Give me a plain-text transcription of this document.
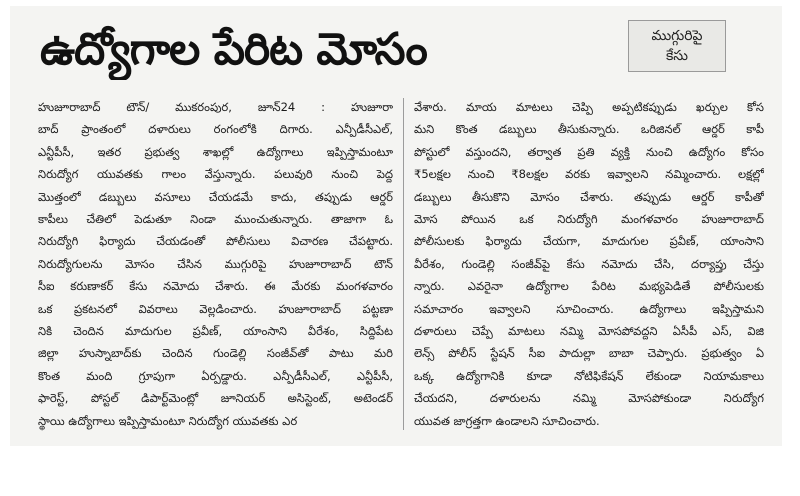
ఉద్యోగాల పేరిట మోసం	ముగ్గురిపై
కేసు
హుజూరాబాద్ టౌన్/ ముకరంపుర, జూన్24 : హుజూరా
బాద్ ప్రాంతంలో దళారులు రంగంలోకి దిగారు. ఎన్పీడీసీఎల్,
ఎన్టీపీసీ, ఇతర ప్రభుత్వ శాఖల్లో ఉద్యోగాలు ఇప్పిస్తామంటూ
నిరుద్యోగ యువతకు గాలం వేస్తున్నారు. పలువురి నుంచి పెద్ద
మొత్తంలో డబ్బులు వసూలు చేయడమే కాదు, తప్పుడు ఆర్డర్
కాపీలు చేతిలో పెడుతూ నిండా ముంచుతున్నారు. తాజాగా ఓ
నిరుద్యోగి ఫిర్యాదు చేయడంతో పోలీసులు విచారణ చేపట్టారు.
నిరుద్యోగులను మోసం చేసిన ముగ్గురిపై హుజూరాబాద్ టౌన్
సీఐ కరుణాకర్ కేసు నమోదు చేశారు. ఈ మేరకు మంగళవారం
ఒక ప్రకటనలో వివరాలు వెల్లడించారు. హుజూరాబాద్ పట్టణా
నికి చెందిన మాదుగుల ప్రవీణ్, యాంసాని వీరేశం, సిద్దిపేట
జిల్లా హుస్నాబాద్‌కు చెందిన గుండెల్లి సంజీవ్‌తో పాటు మరి
కొంత మంది గ్రూపుగా ఏర్పడ్డారు. ఎన్పీడీసీఎల్, ఎన్టీపీసీ,
ఫారెస్ట్, పోస్టల్ డిపార్ట్‌మెంట్లో జూనియర్ అసిస్టెంట్, అటెండర్
స్థాయి ఉద్యోగాలు ఇప్పిస్తామంటూ నిరుద్యోగ యువతకు ఎర
వేశారు. మాయ మాటలు చెప్పి అప్పటికప్పుడు ఖర్చుల కోస
మని కొంత డబ్బులు తీసుకున్నారు. ఒరిజినల్ ఆర్డర్ కాపీ
పోస్టులో వస్తుందని, తర్వాత ప్రతి వ్యక్తి నుంచి ఉద్యోగం కోసం
₹5లక్షల నుంచి ₹8లక్షల వరకు ఇవ్వాలని నమ్మించారు. లక్షల్లో
డబ్బులు తీసుకొని మోసం చేశారు. తప్పుడు ఆర్డర్ కాపీతో
మోస పోయిన ఒక నిరుద్యోగి మంగళవారం హుజూరాబాద్
పోలీసులకు ఫిర్యాదు చేయగా, మాదుగుల ప్రవీణ్, యాంసాని
వీరేశం, గుండెల్లి సంజీవ్‌పై కేసు నమోదు చేసి, దర్యాప్తు చేస్తు
న్నారు. ఎవరైనా ఉద్యోగాల పేరిట మభ్యపెడితే పోలీసులకు
సమాచారం ఇవ్వాలని సూచించారు. ఉద్యోగాలు ఇప్పిస్తామని
దళారులు చెప్పే మాటలు నమ్మి మోసపోవద్దని ఏసీపీ ఎస్, విజి
లెన్స్ పోలీస్ స్టేషన్ సీఐ పాదుల్లా బాబా చెప్పారు. ప్రభుత్వం ఏ
ఒక్క ఉద్యోగానికి కూడా నోటిఫికేషన్ లేకుండా నియామకాలు
చేయదని, దళారులను నమ్మి మోసపోకుండా నిరుద్యోగ
యువత జాగ్రత్తగా ఉండాలని సూచించారు.
